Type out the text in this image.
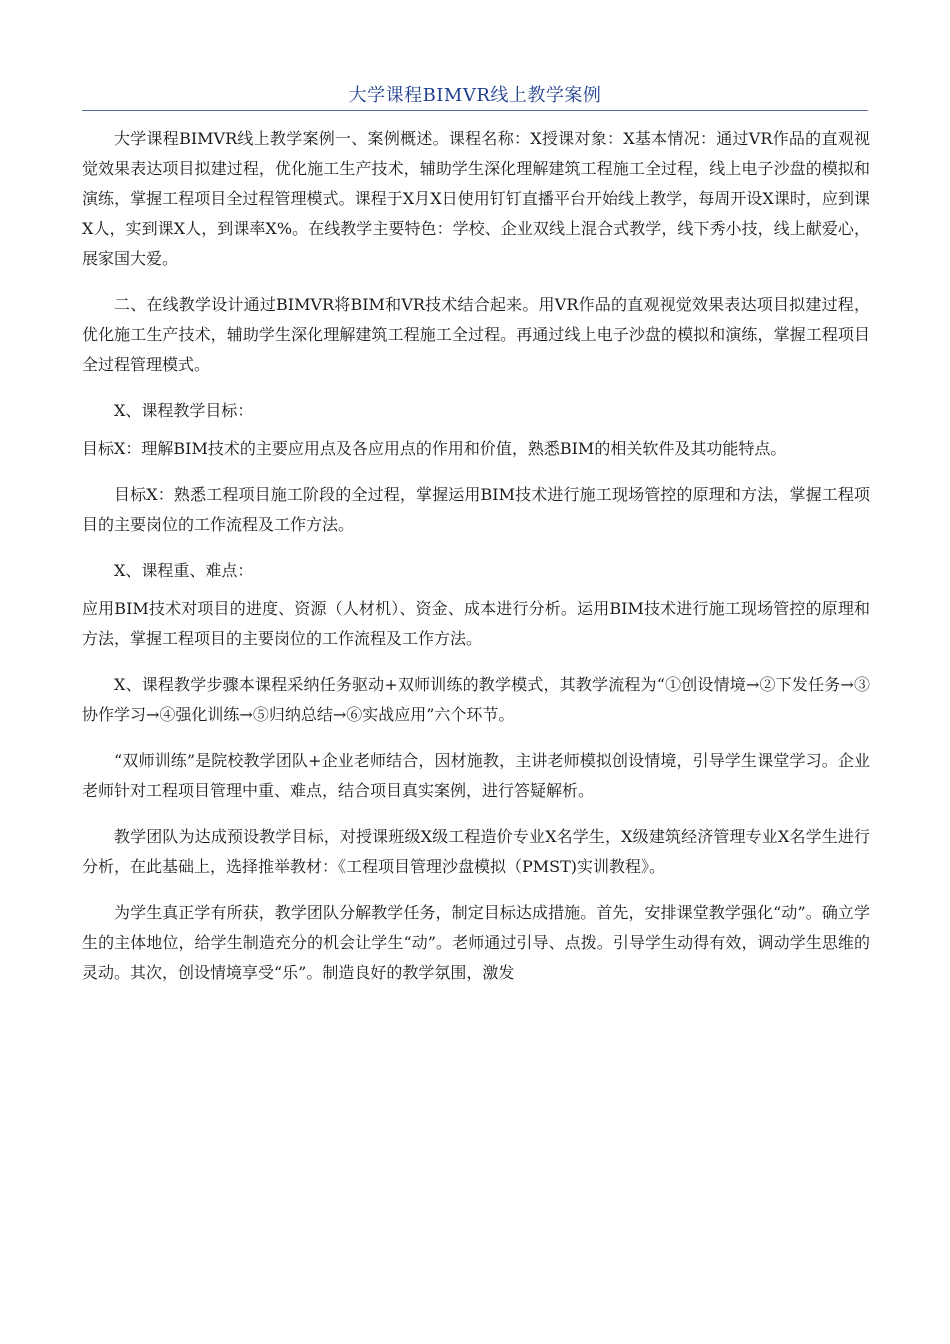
大学课程BIMVR线上教学案例

大学课程BIMVR线上教学案例一、案例概述。课程名称：X授课对象：X基本情况：通过VR作品的直观视觉效果表达项目拟建过程，优化施工生产技术，辅助学生深化理解建筑工程施工全过程，线上电子沙盘的模拟和演练，掌握工程项目全过程管理模式。课程于X月X日使用钉钉直播平台开始线上教学，每周开设X课时，应到课X人，实到课X人，到课率X%。在线教学主要特色：学校、企业双线上混合式教学，线下秀小技，线上献爱心，展家国大爱。

二、在线教学设计通过BIMVR将BIM和VR技术结合起来。用VR作品的直观视觉效果表达项目拟建过程，优化施工生产技术，辅助学生深化理解建筑工程施工全过程。再通过线上电子沙盘的模拟和演练，掌握工程项目全过程管理模式。

X、课程教学目标：

目标X：理解BIM技术的主要应用点及各应用点的作用和价值，熟悉BIM的相关软件及其功能特点。

目标X：熟悉工程项目施工阶段的全过程，掌握运用BIM技术进行施工现场管控的原理和方法，掌握工程项目的主要岗位的工作流程及工作方法。

X、课程重、难点：

应用BIM技术对项目的进度、资源（人材机）、资金、成本进行分析。运用BIM技术进行施工现场管控的原理和方法，掌握工程项目的主要岗位的工作流程及工作方法。

X、课程教学步骤本课程采纳任务驱动+双师训练的教学模式，其教学流程为“①创设情境→②下发任务→③协作学习→④强化训练→⑤归纳总结→⑥实战应用”六个环节。

“双师训练”是院校教学团队+企业老师结合，因材施教，主讲老师模拟创设情境，引导学生课堂学习。企业老师针对工程项目管理中重、难点，结合项目真实案例，进行答疑解析。

教学团队为达成预设教学目标，对授课班级X级工程造价专业X名学生，X级建筑经济管理专业X名学生进行分析，在此基础上，选择推举教材：《工程项目管理沙盘模拟（PMST)实训教程》。

为学生真正学有所获，教学团队分解教学任务，制定目标达成措施。首先，安排课堂教学强化“动”。确立学生的主体地位，给学生制造充分的机会让学生“动”。老师通过引导、点拨。引导学生动得有效，调动学生思维的灵动。其次，创设情境享受“乐”。制造良好的教学氛围，激发
